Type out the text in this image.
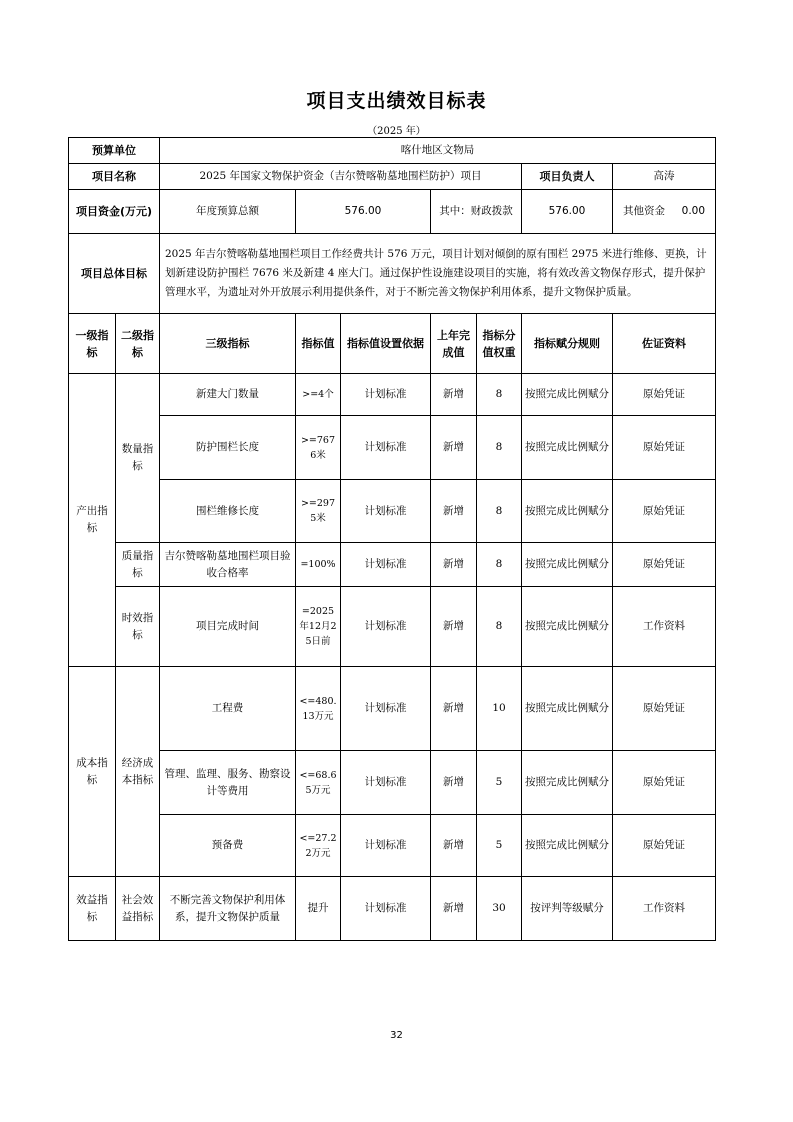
项目支出绩效目标表
（2025 年）
预算单位		喀什地区文物局						
项目名称		2025 年国家文物保护资金（吉尔赞喀勒墓地围栏防护）项目					项目负责人	高涛
项目资金(万元)		年度预算总额	576.00		其中：财政拨款		576.00	其他资金 0.00
项目总体目标		2025 年吉尔赞喀勒墓地围栏项目工作经费共计 576 万元，项目计划对倾倒的原有围栏 2975 米进行维修、更换，计划新建设防护围栏 7676 米及新建 4 座大门。通过保护性设施建设项目的实施，将有效改善文物保存形式，提升保护管理水平，为遗址对外开放展示利用提供条件，对于不断完善文物保护利用体系，提升文物保护质量。						
一级指标	二级指标	三级指标	指标值	指标值设置依据	上年完成值	指标分值权重	指标赋分规则	佐证资料
产出指标	数量指标	新建大门数量	>=4个	计划标准	新增	8	按照完成比例赋分	原始凭证
		防护围栏长度	>=7676米	计划标准	新增	8	按照完成比例赋分	原始凭证
		围栏维修长度	>=2975米	计划标准	新增	8	按照完成比例赋分	原始凭证
	质量指标	吉尔赞喀勒墓地围栏项目验收合格率	=100%	计划标准	新增	8	按照完成比例赋分	原始凭证
	时效指标	项目完成时间	=2025年12月25日前	计划标准	新增	8	按照完成比例赋分	工作资料
成本指标	经济成本指标	工程费	<=480.13万元	计划标准	新增	10	按照完成比例赋分	原始凭证
		管理、监理、服务、勘察设计等费用	<=68.65万元	计划标准	新增	5	按照完成比例赋分	原始凭证
		预备费	<=27.22万元	计划标准	新增	5	按照完成比例赋分	原始凭证
效益指标	社会效益指标	不断完善文物保护利用体系，提升文物保护质量	提升	计划标准	新增	30	按评判等级赋分	工作资料
32
